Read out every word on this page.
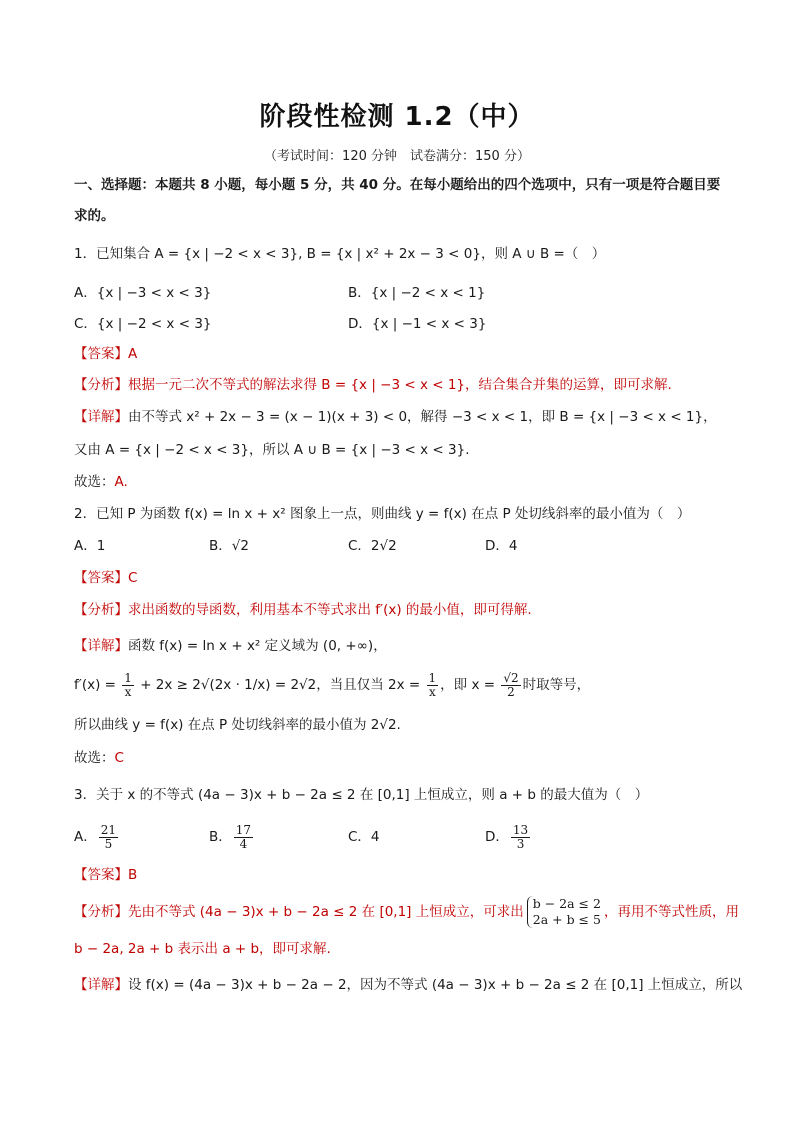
阶段性检测 1.2（中）
（考试时间：120 分钟　试卷满分：150 分）
一、选择题：本题共 8 小题，每小题 5 分，共 40 分。在每小题给出的四个选项中，只有一项是符合题目要
求的。
1．已知集合 A = {x | −2 < x < 3}, B = {x | x² + 2x − 3 < 0}，则 A ∪ B =（　）
A．{x | −3 < x < 3}	B．{x | −2 < x < 1}
C．{x | −2 < x < 3}	D．{x | −1 < x < 3}
【答案】A
【分析】根据一元二次不等式的解法求得 B = {x | −3 < x < 1}，结合集合并集的运算，即可求解.
【详解】由不等式 x² + 2x − 3 = (x − 1)(x + 3) < 0，解得 −3 < x < 1，即 B = {x | −3 < x < 1}，
又由 A = {x | −2 < x < 3}，所以 A ∪ B = {x | −3 < x < 3}.
故选：A.
2．已知 P 为函数 f(x) = ln x + x² 图象上一点，则曲线 y = f(x) 在点 P 处切线斜率的最小值为（　）
A．1	B．√2	C．2√2	D．4
【答案】C
【分析】求出函数的导函数，利用基本不等式求出 f′(x) 的最小值，即可得解.
【详解】函数 f(x) = ln x + x² 定义域为 (0, +∞)，
$f'(x) = \frac{1}{x} + 2x \ge 2√(2x \cdot 1/x) = 2√2$，当且仅当 $2x = \frac{1}{x}$ ，即 $x = \frac{√2}{2}$ 时取等号，
所以曲线 y = f(x) 在点 P 处切线斜率的最小值为 2√2.
故选：C
3．关于 x 的不等式 (4a − 3)x + b − 2a ≤ 2 在 [0,1] 上恒成立，则 a + b 的最大值为（　）
A． $\frac{21}{5}$	B． $\frac{17}{4}$	C．4	D． $\frac{13}{3}$
【答案】B
【分析】先由不等式 (4a − 3)x + b − 2a ≤ 2 在 [0,1] 上恒成立，可求出
b − 2a ≤ 2
2a + b ≤ 5 ，再用不等式性质，用
b − 2a, 2a + b 表示出 a + b，即可求解.
【详解】设 f(x) = (4a − 3)x + b − 2a − 2，因为不等式 (4a − 3)x + b − 2a ≤ 2 在 [0,1] 上恒成立，所以
